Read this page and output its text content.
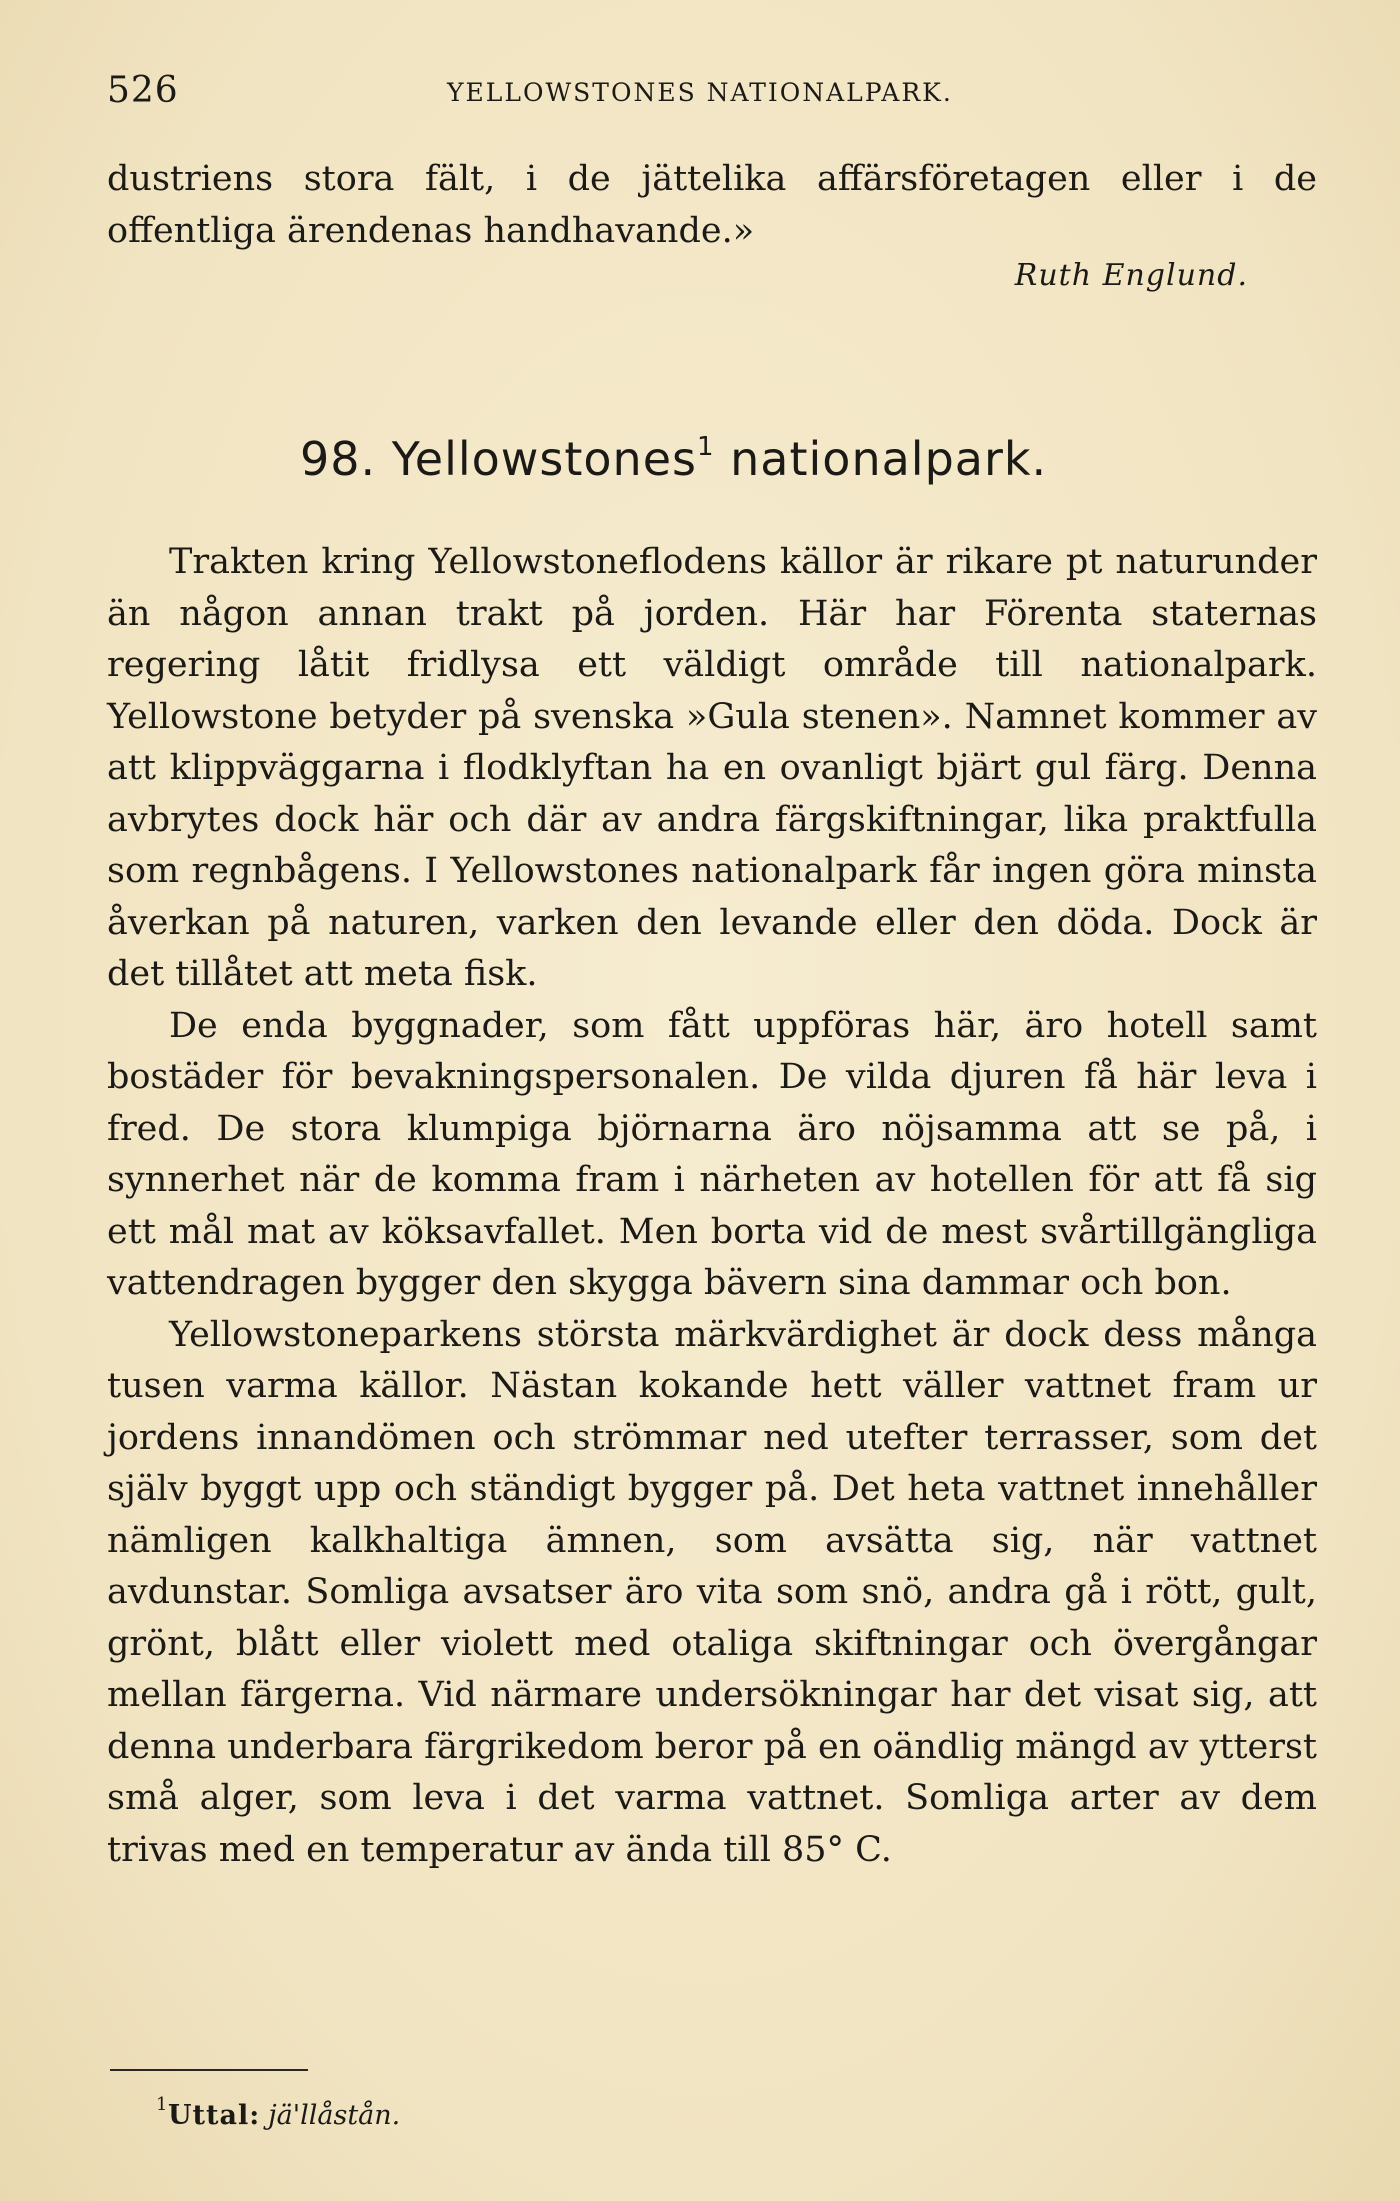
526	YELLOWSTONES NATIONALPARK.

dustriens stora fält, i de jättelika affärsföretagen eller i de offentliga ärendenas handhavande.»

Ruth Englund.
98. Yellowstones$^1$ nationalpark.

Trakten kring Yellowstoneflodens källor är rikare pt naturunder än någon annan trakt på jorden. Här har Förenta staternas regering låtit fridlysa ett väldigt område till nationalpark. Yellowstone betyder på svenska »Gula stenen». Namnet kommer av att klippväggarna i flodklyftan ha en ovanligt bjärt gul färg. Denna avbrytes dock här och där av andra färgskiftningar, lika praktfulla som regnbågens. I Yellowstones nationalpark får ingen göra minsta åverkan på naturen, varken den levande eller den döda. Dock är det tillåtet att meta fisk.

De enda byggnader, som fått uppföras här, äro hotell samt bostäder för bevakningspersonalen. De vilda djuren få här leva i fred. De stora klumpiga björnarna äro nöjsamma att se på, i synnerhet när de komma fram i närheten av hotellen för att få sig ett mål mat av köksavfallet. Men borta vid de mest svårtillgängliga vattendragen bygger den skygga bävern sina dammar och bon.

Yellowstoneparkens största märkvärdighet är dock dess många tusen varma källor. Nästan kokande hett väller vattnet fram ur jordens innandömen och strömmar ned utefter terrasser, som det själv byggt upp och ständigt bygger på. Det heta vattnet innehåller nämligen kalkhaltiga ämnen, som avsätta sig, när vattnet avdunstar. Somliga avsatser äro vita som snö, andra gå i rött, gult, grönt, blått eller violett med otaliga skiftningar och övergångar mellan färgerna. Vid närmare undersökningar har det visat sig, att denna underbara färgrikedom beror på en oändlig mängd av ytterst små alger, som leva i det varma vattnet. Somliga arter av dem trivas med en temperatur av ända till 85° C.

1 Uttal: jä'llåstån.
